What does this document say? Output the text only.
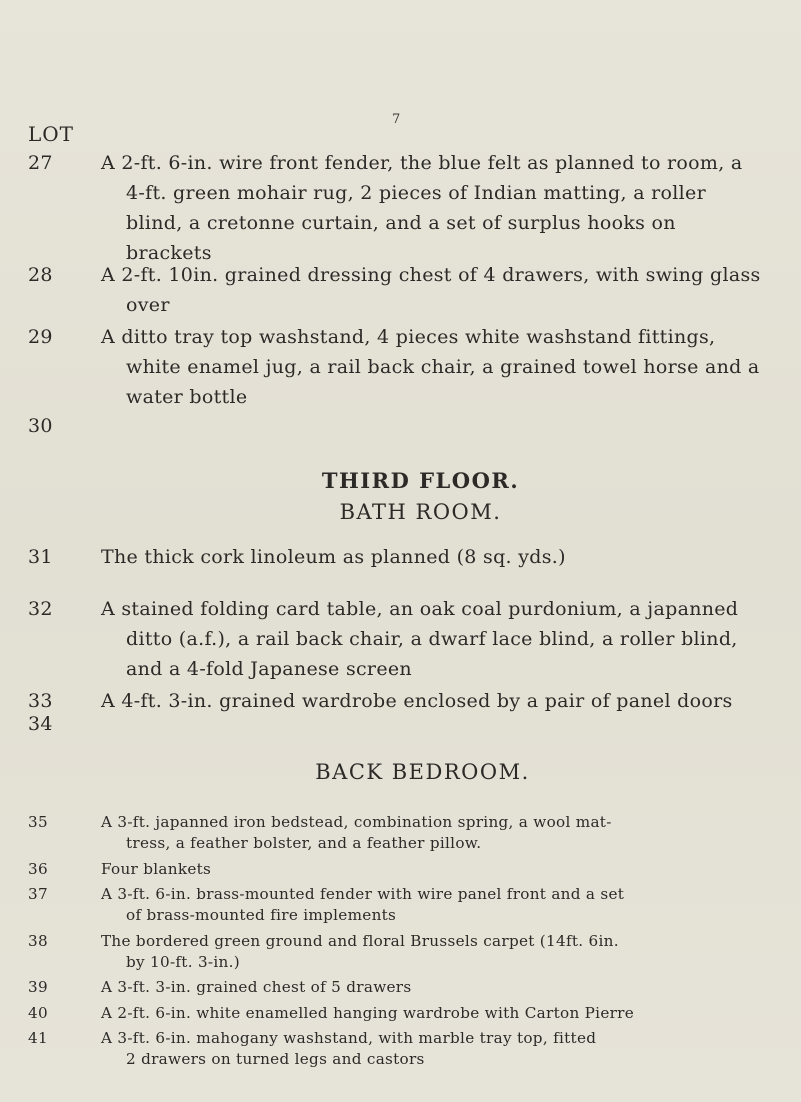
7
LOT
27	A 2-ft. 6-in. wire front fender, the blue felt as planned to room, a
4-ft. green mohair rug, 2 pieces of Indian matting, a roller blind, a cretonne curtain, and a set of surplus hooks on brackets
28	A 2-ft. 10in. grained dressing chest of 4 drawers, with swing glass
over
29	A ditto tray top washstand, 4 pieces white washstand fittings,
white enamel jug, a rail back chair, a grained towel horse and a water bottle
30
THIRD FLOOR.
BATH ROOM.
31	The thick cork linoleum as planned (8 sq. yds.)
32	A stained folding card table, an oak coal purdonium, a japanned
ditto (a.f.), a rail back chair, a dwarf lace blind, a roller blind, and a 4-fold Japanese screen
33	A 4-ft. 3-in. grained wardrobe enclosed by a pair of panel doors
34
BACK BEDROOM.
35	A 3-ft. japanned iron bedstead, combination spring, a wool mat-
tress, a feather bolster, and a feather pillow.
36	Four blankets
37	A 3-ft. 6-in. brass-mounted fender with wire panel front and a set
of brass-mounted fire implements
38	The bordered green ground and floral Brussels carpet (14ft. 6in.
by 10-ft. 3-in.)
39	A 3-ft. 3-in. grained chest of 5 drawers
40	A 2-ft. 6-in. white enamelled hanging wardrobe with Carton Pierre
41	A 3-ft. 6-in. mahogany washstand, with marble tray top, fitted
2 drawers on turned legs and castors
